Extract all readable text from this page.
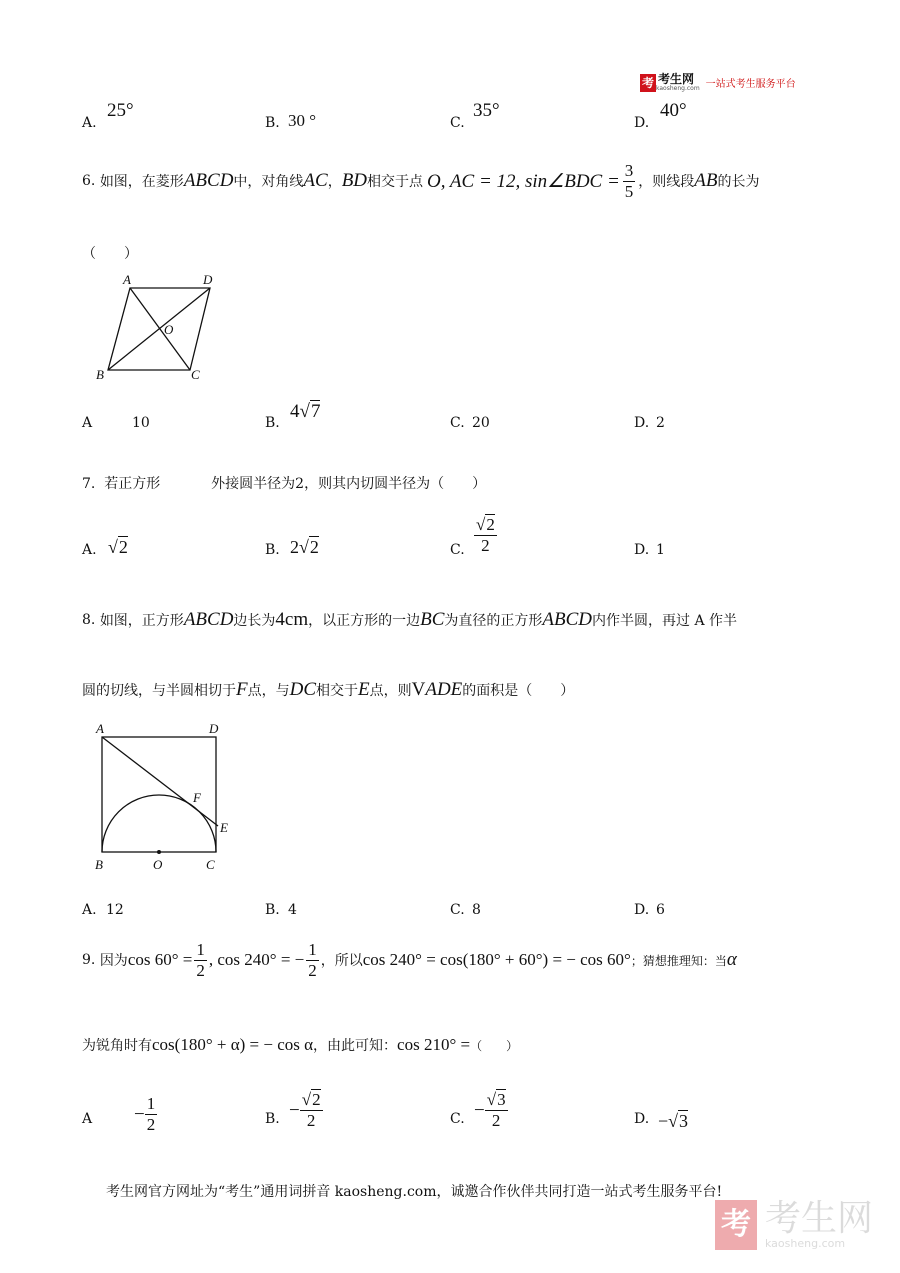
考 考生网
kaosheng.com 一站式考生服务平台
A.
25°
B. 30 °	C.
35°
D.
40°
6.
如图，在菱形 ABCD 中，对角线 AC ， BD 相交于点 O, AC = 12, sin∠BDC = $\frac{3}{5}$ ，则线段 AB 的长为
（　　）
A	D
B	C
O
A	10	B.
4√7
C. 20	D. 2
7. 若正方形	外接圆半径为2，则其内切圆半径为（　　）
A. √2	B. 2√2	C. $\frac{√2}{2}$	D. 1
8.
如图，正方形 ABCD 边长为 4cm ，以正方形的一边 BC 为直径的正方形 ABCD 内作半圆，再过 A 作半
圆的切线，与半圆相切于 F 点，与 DC 相交于 E 点，则 V ADE 的面积是（　　）
A	D
B	O	C
E
F
A. 12	B. 4	C. 8	D. 6
9.
因为 $\cos 60^\circ = \frac{1}{2}$ , cos 240° = − $\frac{1}{2}$ ，所以 cos 240° = cos(180° + 60°) = − cos 60° ；猜想推理知：当 α
为锐角时有 cos(180° + α) = − cos α ，由此可知： cos 210° = （　　）
$A - \frac{1}{2}$	B. − $\frac{√2}{2}$	C. − $\frac{√3}{2}$	D. −√3
考生网官方网址为“考生”通用词拼音 kaosheng.com，诚邀合作伙伴共同打造一站式考生服务平台!
考 考生网
kaosheng.com
